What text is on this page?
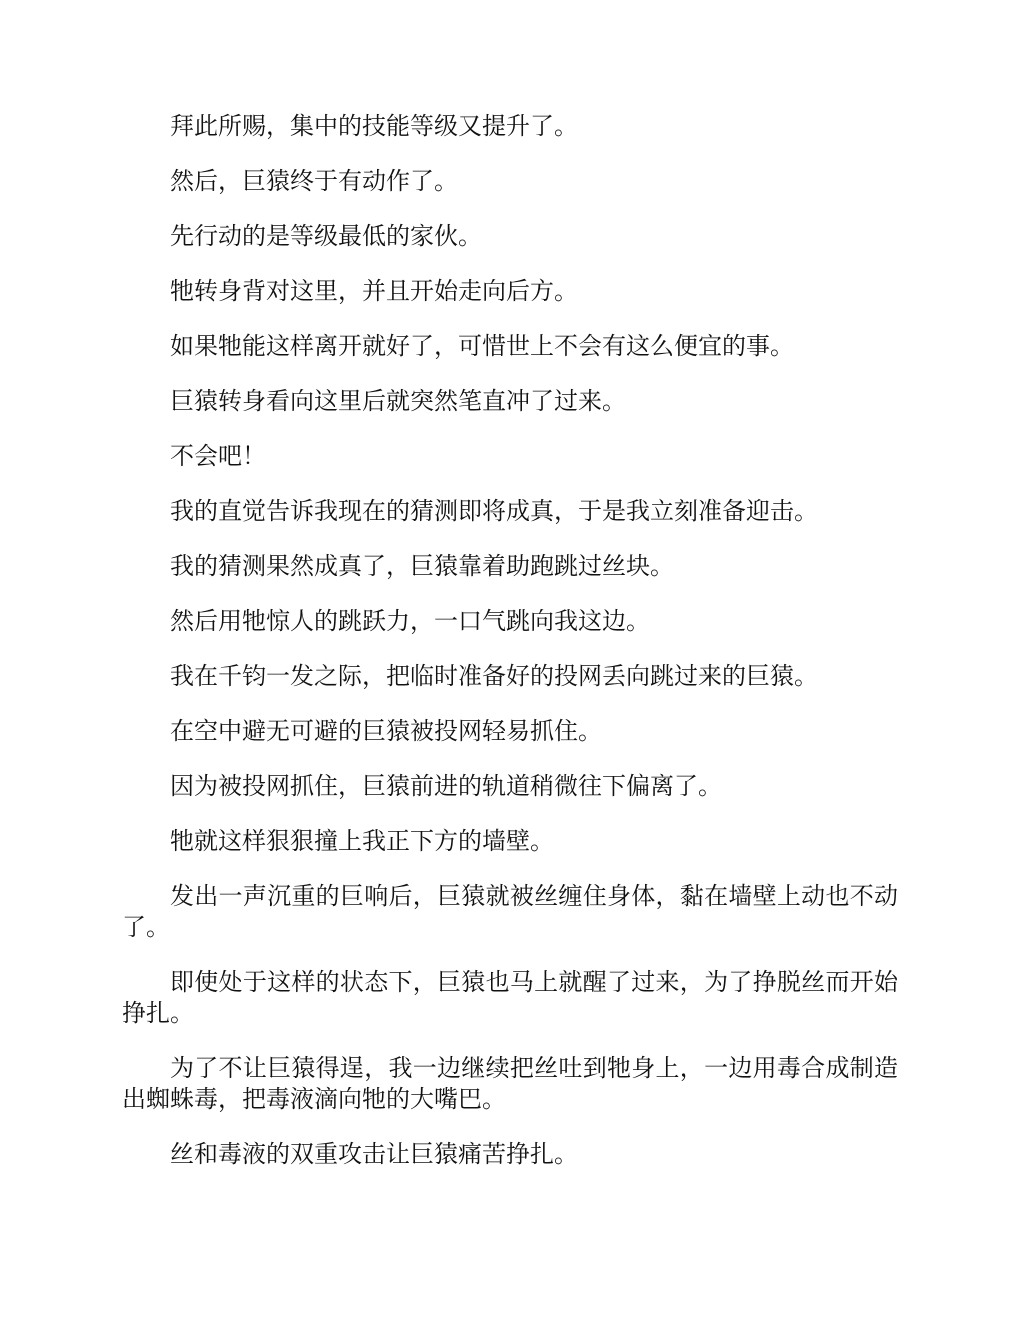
拜此所赐，集中的技能等级又提升了。

然后，巨猿终于有动作了。

先行动的是等级最低的家伙。

牠转身背对这里，并且开始走向后方。

如果牠能这样离开就好了，可惜世上不会有这么便宜的事。

巨猿转身看向这里后就突然笔直冲了过来。

不会吧！

我的直觉告诉我现在的猜测即将成真，于是我立刻准备迎击。

我的猜测果然成真了，巨猿靠着助跑跳过丝块。

然后用牠惊人的跳跃力，一口气跳向我这边。

我在千钧一发之际，把临时准备好的投网丢向跳过来的巨猿。

在空中避无可避的巨猿被投网轻易抓住。

因为被投网抓住，巨猿前进的轨道稍微往下偏离了。

牠就这样狠狠撞上我正下方的墙壁。

发出一声沉重的巨响后，巨猿就被丝缠住身体，黏在墙壁上动也不动了。

即使处于这样的状态下，巨猿也马上就醒了过来，为了挣脱丝而开始挣扎。

为了不让巨猿得逞，我一边继续把丝吐到牠身上，一边用毒合成制造出蜘蛛毒，把毒液滴向牠的大嘴巴。

丝和毒液的双重攻击让巨猿痛苦挣扎。
